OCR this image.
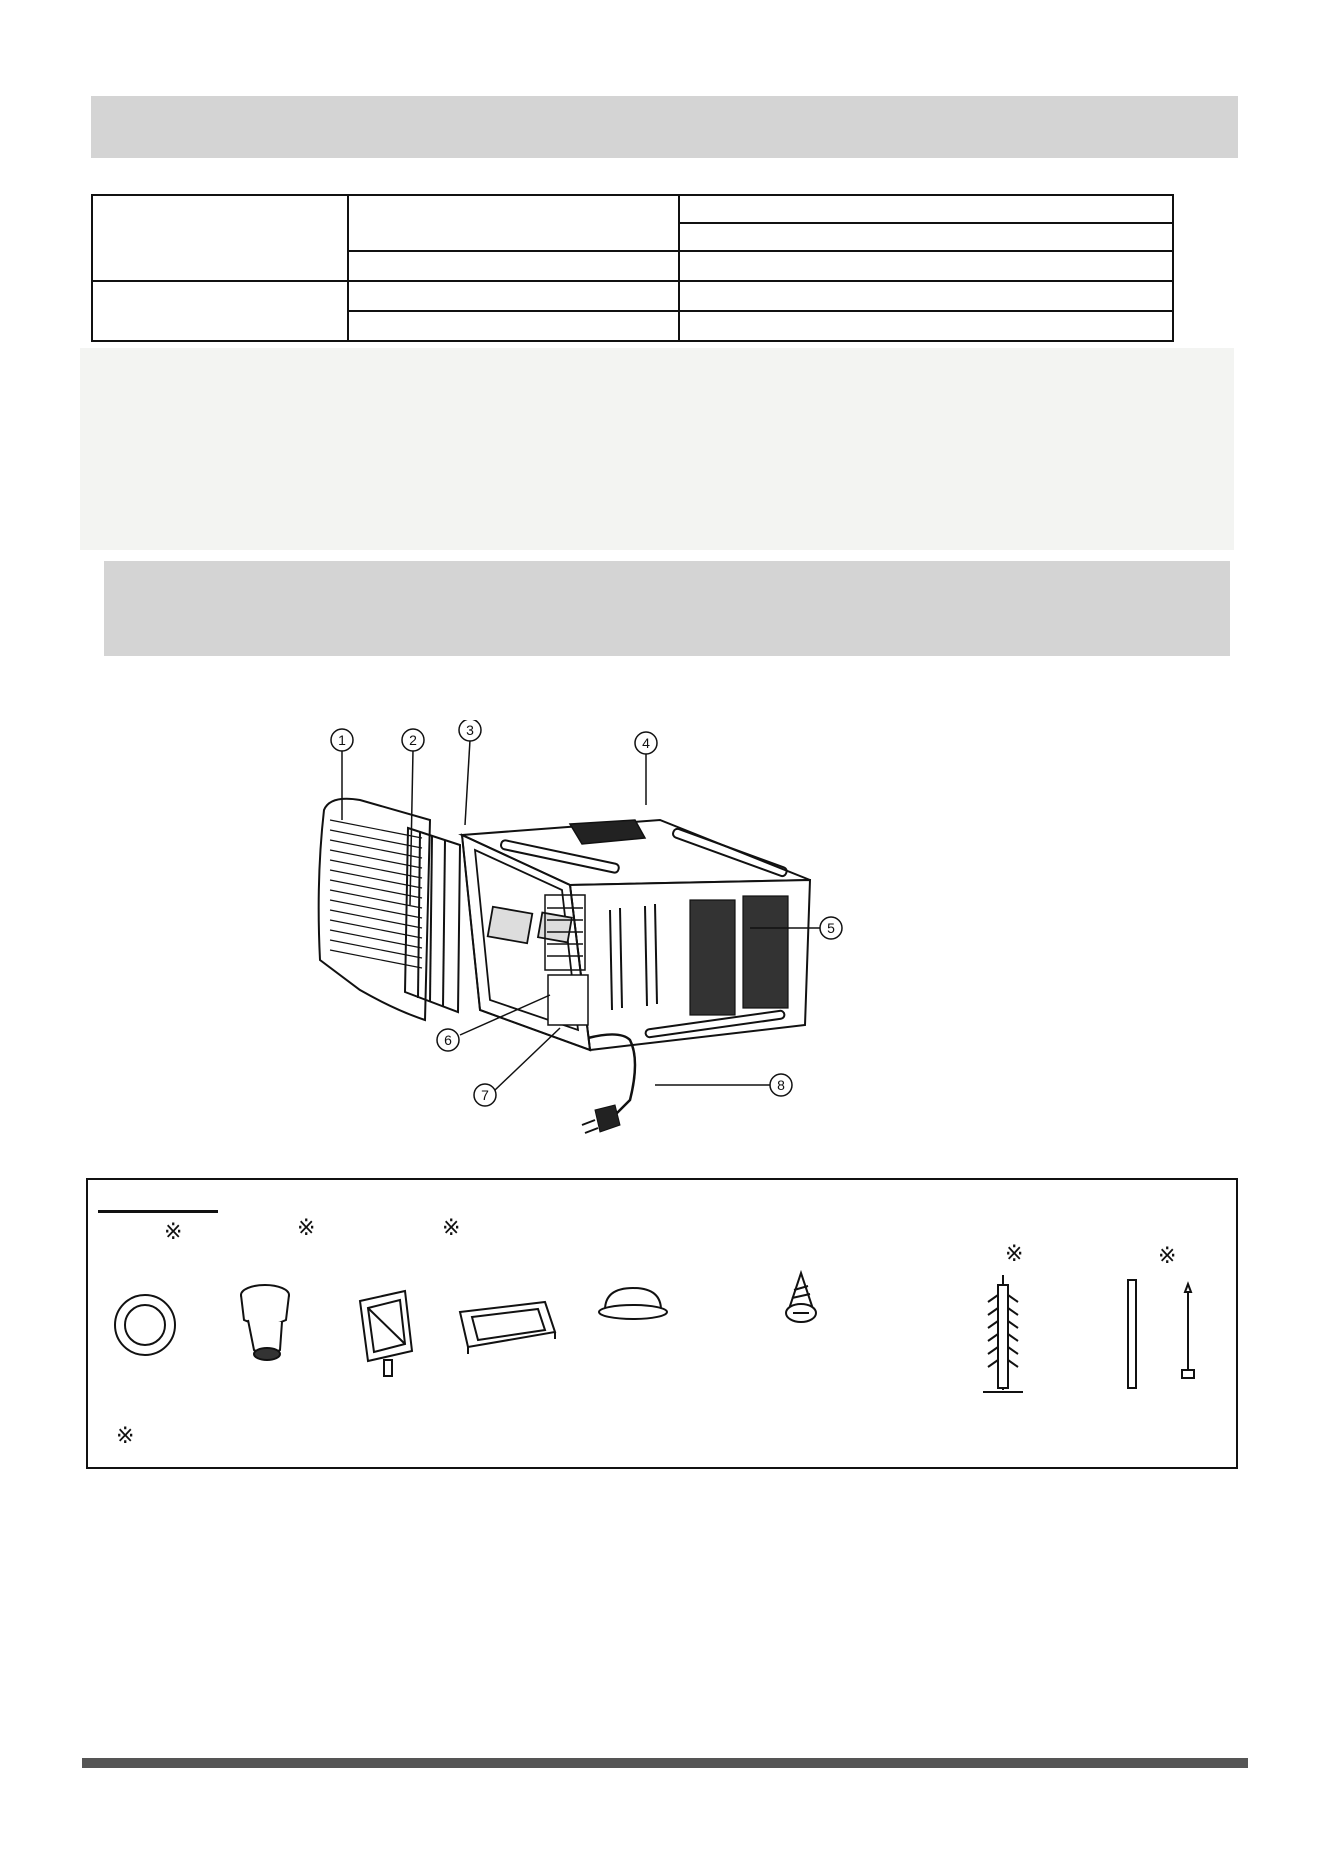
1	2
3
4
5
6
7
8
※	※	※
※	※
※
